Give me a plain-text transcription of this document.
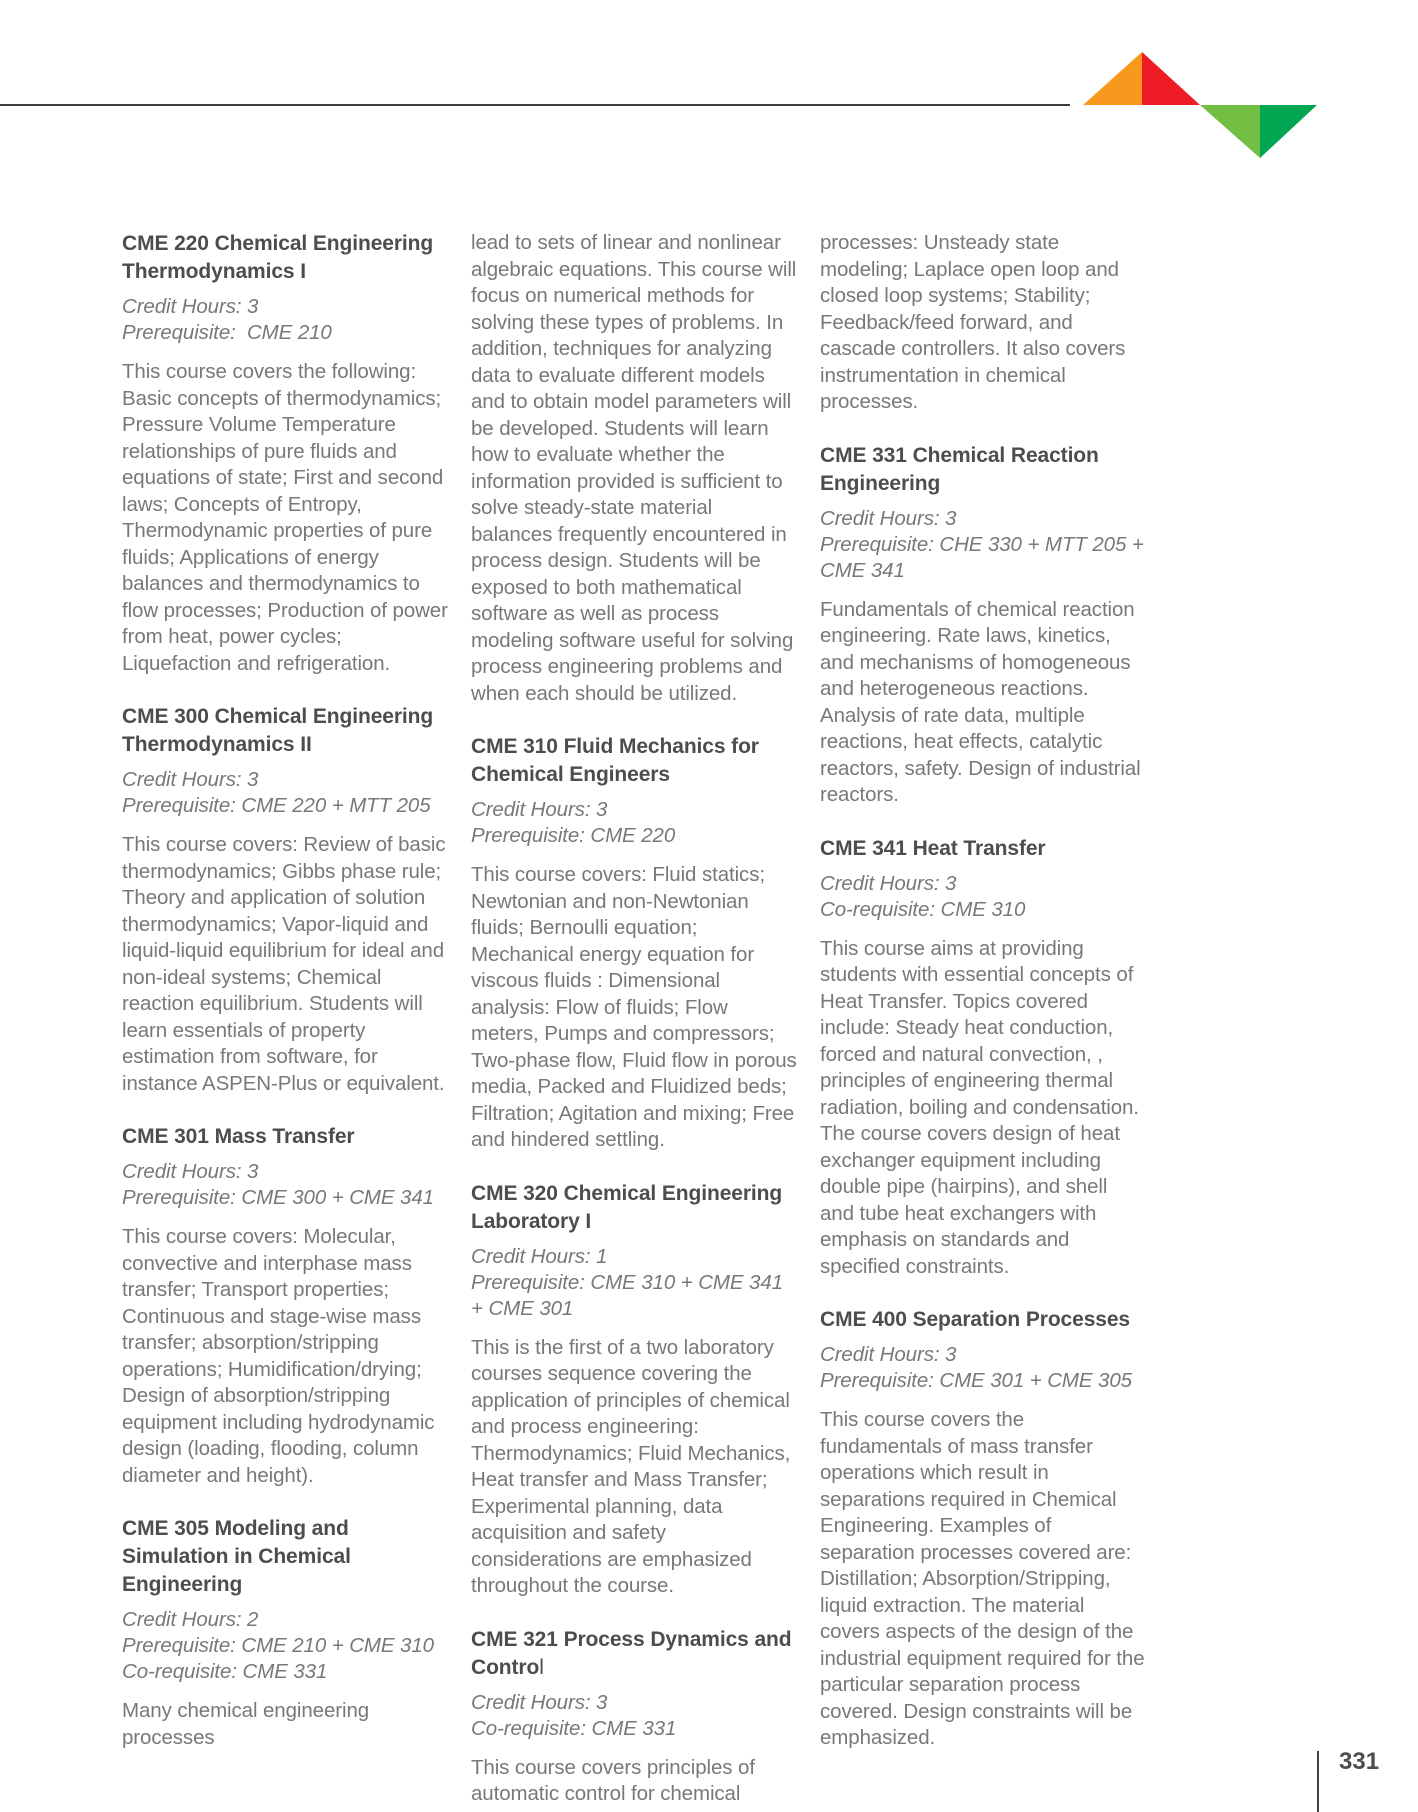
CME 220 Chemical Engineering Thermodynamics I

Credit Hours: 3

Prerequisite:  CME 210

This course covers the following: Basic concepts of thermodynamics; Pressure Volume Temperature relationships of pure fluids and equations of state; First and second laws; Concepts of Entropy, Thermodynamic properties of pure fluids; Applications of energy balances and thermodynamics to flow processes; Production of power from heat, power cycles; Liquefaction and refrigeration.

CME 300 Chemical Engineering Thermodynamics II

Credit Hours: 3

Prerequisite: CME 220 + MTT 205

This course covers: Review of basic thermodynamics; Gibbs phase rule; Theory and application of solution thermodynamics; Vapor-liquid and liquid-liquid equilibrium for ideal and non-ideal systems; Chemical reaction equilibrium. Students will learn essentials of property estimation from software, for instance ASPEN-Plus or equivalent.

CME 301 Mass Transfer

Credit Hours: 3

Prerequisite: CME 300 + CME 341

This course covers: Molecular, convective and interphase mass transfer; Transport properties; Continuous and stage-wise mass transfer; absorption/stripping operations; Humidification/drying; Design of absorption/stripping equipment including hydrodynamic design (loading, flooding, column diameter and height).

CME 305 Modeling and Simulation in Chemical Engineering

Credit Hours: 2

Prerequisite: CME 210 + CME 310

Co-requisite: CME 331

Many chemical engineering processes

lead to sets of linear and nonlinear algebraic equations. This course will focus on numerical methods for solving these types of problems. In addition, techniques for analyzing data to evaluate different models and to obtain model parameters will be developed. Students will learn how to evaluate whether the information provided is sufficient to solve steady-state material balances frequently encountered in process design. Students will be exposed to both mathematical software as well as process modeling software useful for solving process engineering problems and when each should be utilized.

CME 310 Fluid Mechanics for Chemical Engineers

Credit Hours: 3

Prerequisite: CME 220

This course covers: Fluid statics; Newtonian and non-Newtonian fluids; Bernoulli equation; Mechanical energy equation for viscous fluids : Dimensional analysis: Flow of fluids; Flow meters, Pumps and compressors; Two-phase flow, Fluid flow in porous media, Packed and Fluidized beds; Filtration; Agitation and mixing; Free and hindered settling.

CME 320 Chemical Engineering Laboratory I

Credit Hours: 1

Prerequisite: CME 310 + CME 341 + CME 301

This is the first of a two laboratory courses sequence covering the application of principles of chemical and process engineering: Thermodynamics; Fluid Mechanics, Heat transfer and Mass Transfer; Experimental planning, data acquisition and safety considerations are emphasized throughout the course.

CME 321 Process Dynamics and Control

Credit Hours: 3

Co-requisite: CME 331

This course covers principles of automatic control for chemical

processes: Unsteady state modeling; Laplace open loop and closed loop systems; Stability; Feedback/feed forward, and cascade controllers. It also covers instrumentation in chemical processes.

CME 331 Chemical Reaction Engineering

Credit Hours: 3

Prerequisite: CHE 330 + MTT 205 + CME 341

Fundamentals of chemical reaction engineering. Rate laws, kinetics, and mechanisms of homogeneous and heterogeneous reactions. Analysis of rate data, multiple reactions, heat effects, catalytic reactors, safety. Design of industrial reactors.

CME 341 Heat Transfer

Credit Hours: 3

Co-requisite: CME 310

This course aims at providing students with essential concepts of Heat Transfer. Topics covered include: Steady heat conduction, forced and natural convection, , principles of engineering thermal radiation, boiling and condensation. The course covers design of heat exchanger equipment including double pipe (hairpins), and shell and tube heat exchangers with emphasis on standards and specified constraints.

CME 400 Separation Processes

Credit Hours: 3

Prerequisite: CME 301 + CME 305

This course covers the fundamentals of mass transfer operations which result in separations required in Chemical Engineering. Examples of separation processes covered are: Distillation; Absorption/Stripping, liquid extraction. The material covers aspects of the design of the industrial equipment required for the particular separation process covered. Design constraints will be emphasized.

331
